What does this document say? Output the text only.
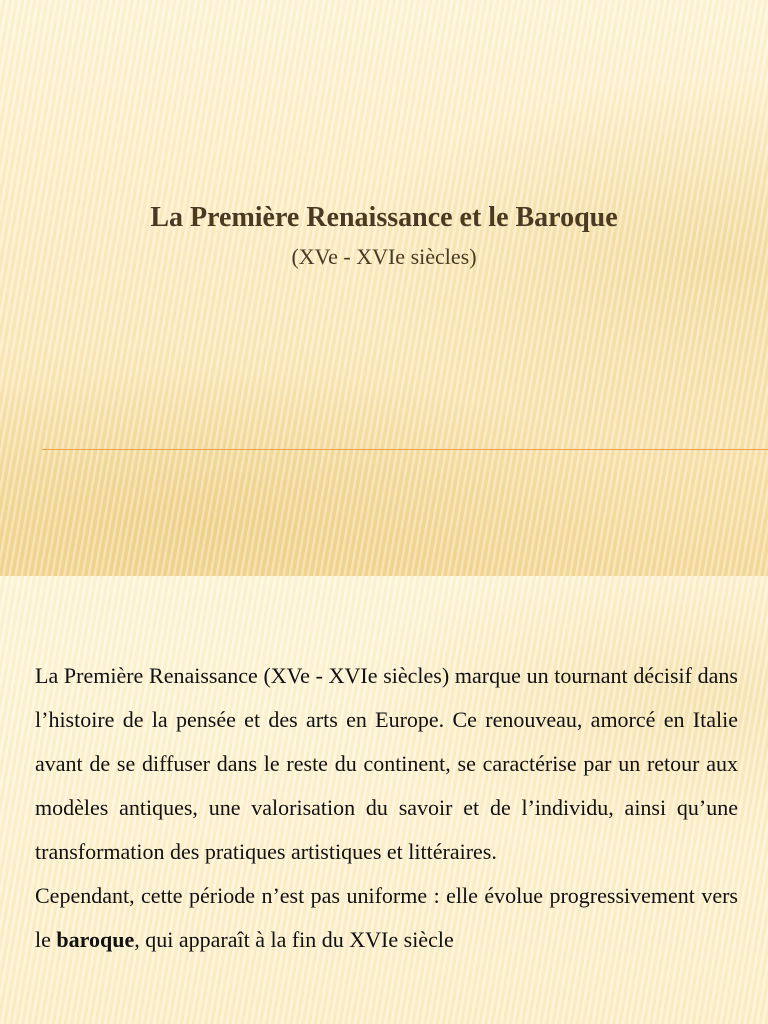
La Première Renaissance et le Baroque
(XVe - XVIe siècles)

La Première Renaissance (XVe - XVIe siècles) marque un tournant décisif dans l’histoire de la pensée et des arts en Europe. Ce renouveau, amorcé en Italie avant de se diffuser dans le reste du continent, se caractérise par un retour aux modèles antiques, une valorisation du savoir et de l’individu, ainsi qu’une transformation des pratiques artistiques et littéraires.

Cependant, cette période n’est pas uniforme : elle évolue progressivement vers le baroque, qui apparaît à la fin du XVIe siècle
